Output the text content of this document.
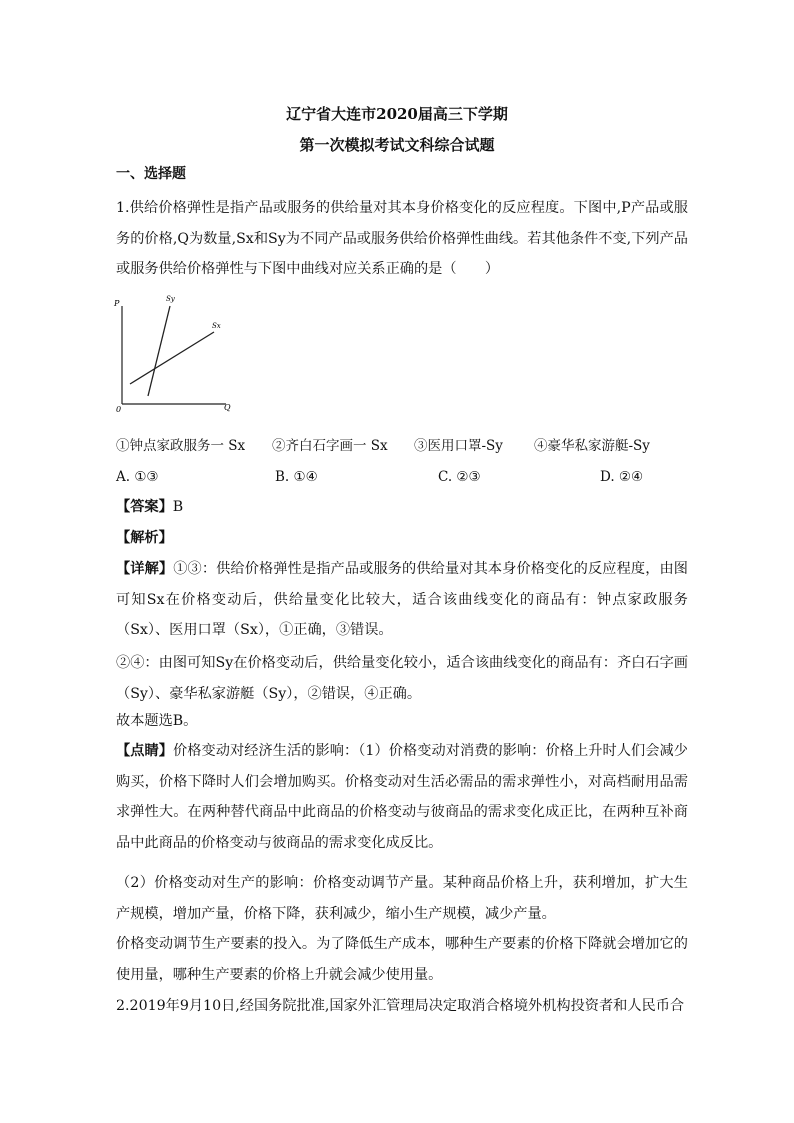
辽宁省大连市2020届高三下学期
第一次模拟考试文科综合试题
一、选择题

1.供给价格弹性是指产品或服务的供给量对其本身价格变化的反应程度。下图中,P产品或服务的价格,Q为数量,Sx和Sy为不同产品或服务供给价格弹性曲线。若其他条件不变,下列产品或服务供给价格弹性与下图中曲线对应关系正确的是（　　）

P
Q
0
Sy
Sx
①钟点家政服务一 Sx ②齐白石字画一 Sx ③医用口罩-Sy ④豪华私家游艇-Sy
A. ①③	B. ①④	C. ②③	D. ②④
【答案】B
【解析】

【详解】①③：供给价格弹性是指产品或服务的供给量对其本身价格变化的反应程度，由图可知Sx在价格变动后，供给量变化比较大，适合该曲线变化的商品有：钟点家政服务（Sx）、医用口罩（Sx），①正确，③错误。

②④：由图可知Sy在价格变动后，供给量变化较小，适合该曲线变化的商品有：齐白石字画（Sy）、豪华私家游艇（Sy），②错误，④正确。

故本题选B。

【点睛】价格变动对经济生活的影响：（1）价格变动对消费的影响：价格上升时人们会减少购买，价格下降时人们会增加购买。价格变动对生活必需品的需求弹性小，对高档耐用品需求弹性大。在两种替代商品中此商品的价格变动与彼商品的需求变化成正比，在两种互补商品中此商品的价格变动与彼商品的需求变化成反比。

（2）价格变动对生产的影响：价格变动调节产量。某种商品价格上升，获利增加，扩大生产规模，增加产量，价格下降，获利减少，缩小生产规模，减少产量。

价格变动调节生产要素的投入。为了降低生产成本，哪种生产要素的价格下降就会增加它的使用量，哪种生产要素的价格上升就会减少使用量。

2.2019年9月10日,经国务院批准,国家外汇管理局决定取消合格境外机构投资者和人民币合
